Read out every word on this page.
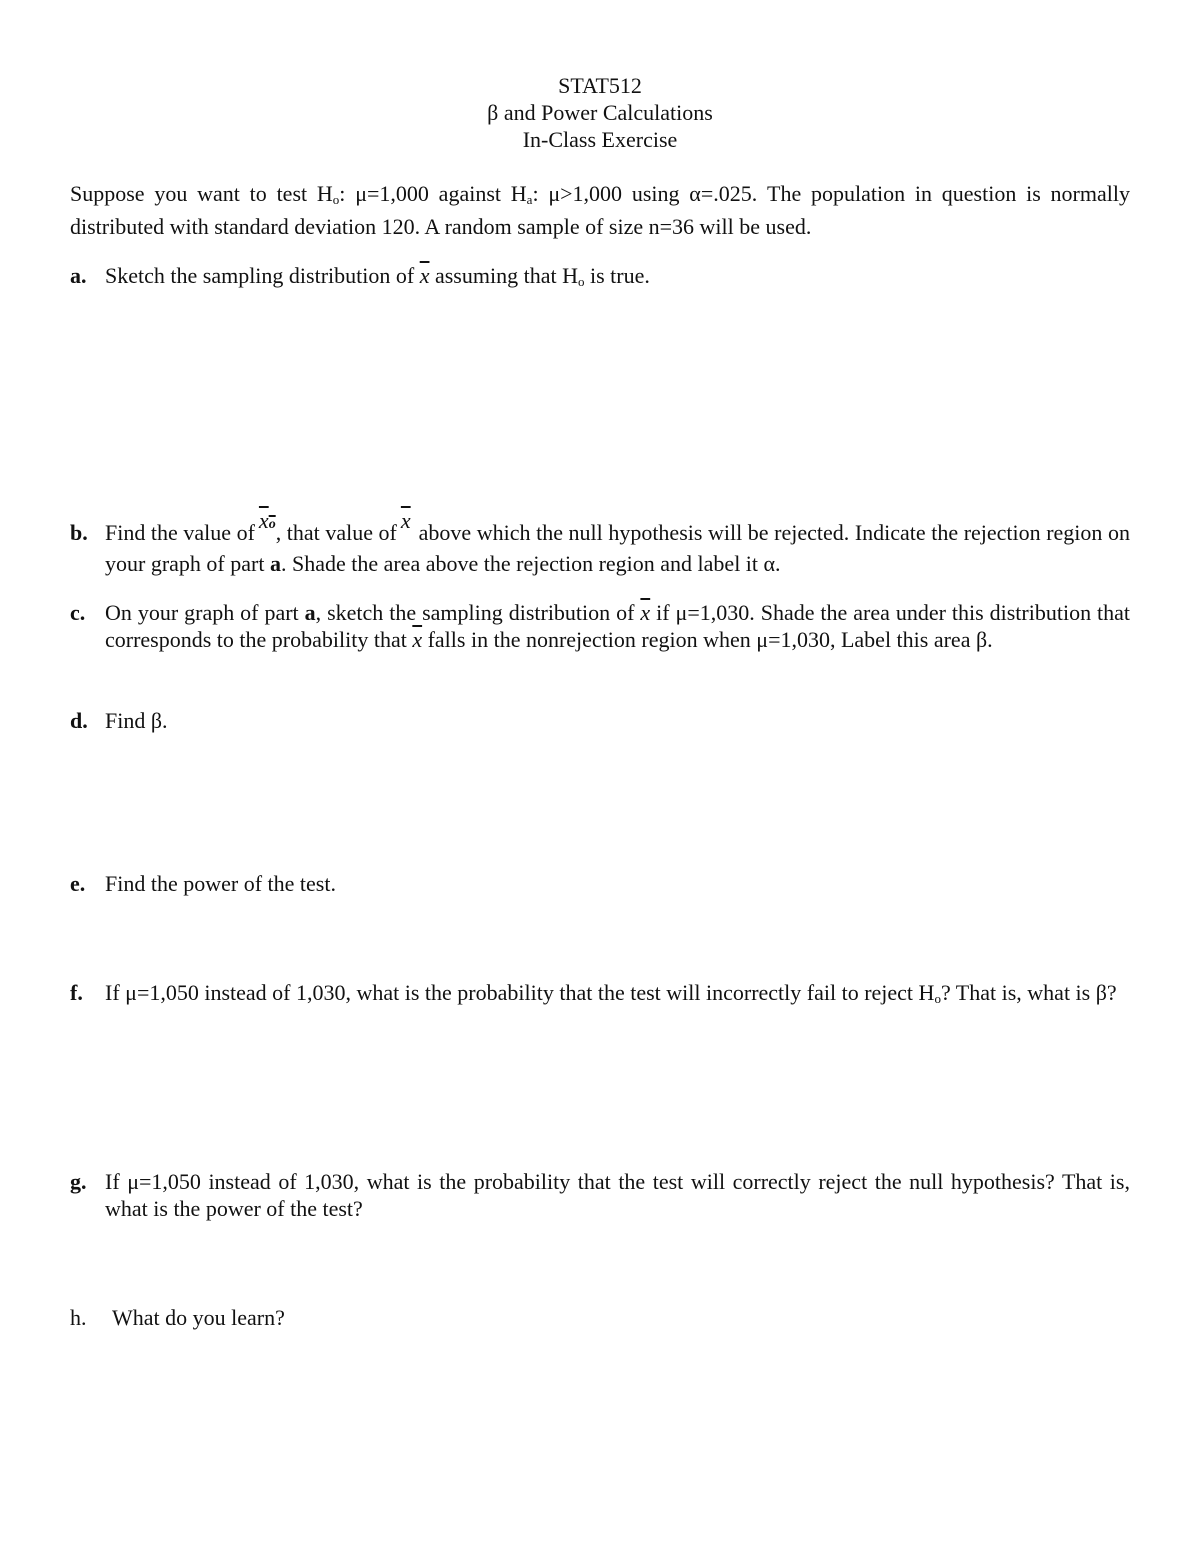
STAT512
β and Power Calculations
In-Class Exercise
Suppose you want to test $H_o$: μ=1,000 against $H_a$: μ>1,000 using α=.025. The population in question is normally distributed with standard deviation 120. A random sample of size n=36 will be used.
a. Sketch the sampling distribution of $\overline{x}$ assuming that $H_o$ is true.
b. Find the value of xo, that value of $\overline{x}$ above which the null hypothesis will be rejected. Indicate the rejection region on your graph of part a. Shade the area above the rejection region and label it α.
c. On your graph of part a, sketch the sampling distribution of $\overline{x}$ if μ=1,030. Shade the area under this distribution that corresponds to the probability that $\overline{x}$ falls in the nonrejection region when μ=1,030, Label this area β.
d. Find β.
e. Find the power of the test.
f. If μ=1,050 instead of 1,030, what is the probability that the test will incorrectly fail to reject $H_o$? That is, what is β?
g. If μ=1,050 instead of 1,030, what is the probability that the test will correctly reject the null hypothesis? That is, what is the power of the test?
h. What do you learn?
